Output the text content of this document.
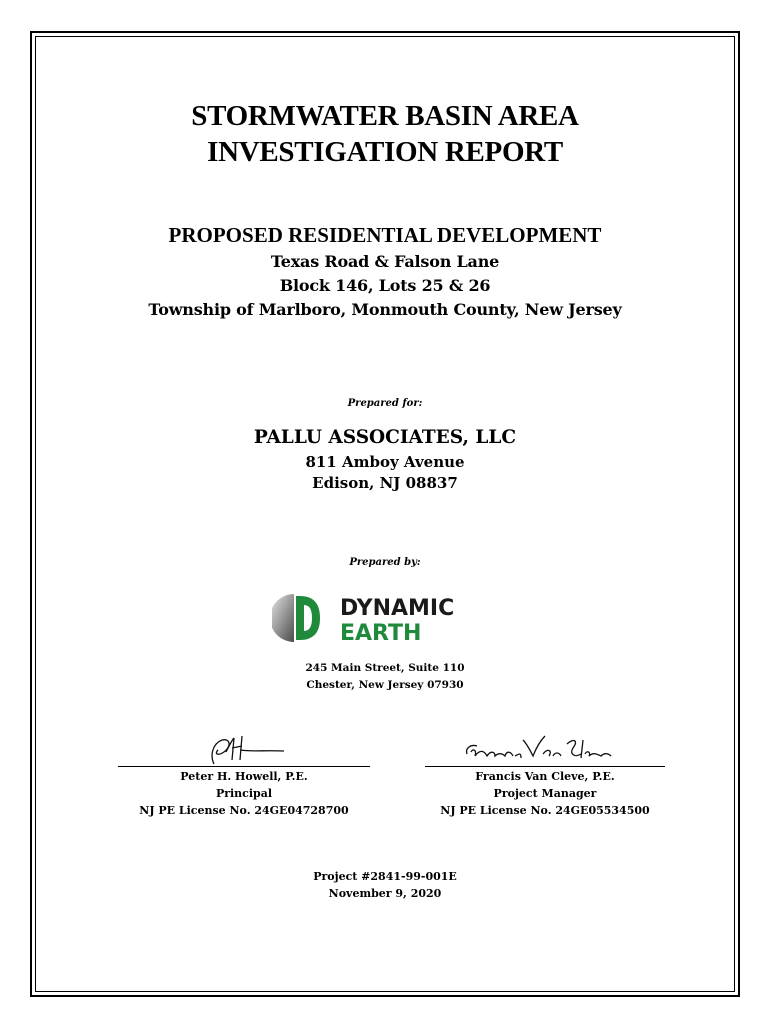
STORMWATER BASIN AREA
INVESTIGATION REPORT
PROPOSED RESIDENTIAL DEVELOPMENT
Texas Road & Falson Lane
Block 146, Lots 25 & 26
Township of Marlboro, Monmouth County, New Jersey
Prepared for:
PALLU ASSOCIATES, LLC
811 Amboy Avenue
Edison, NJ 08837
Prepared by:
DYNAMIC
EARTH
245 Main Street, Suite 110
Chester, New Jersey 07930
Peter H. Howell, P.E.
Principal
NJ PE License No. 24GE04728700
Francis Van Cleve, P.E.
Project Manager
NJ PE License No. 24GE05534500
Project #2841-99-001E
November 9, 2020
